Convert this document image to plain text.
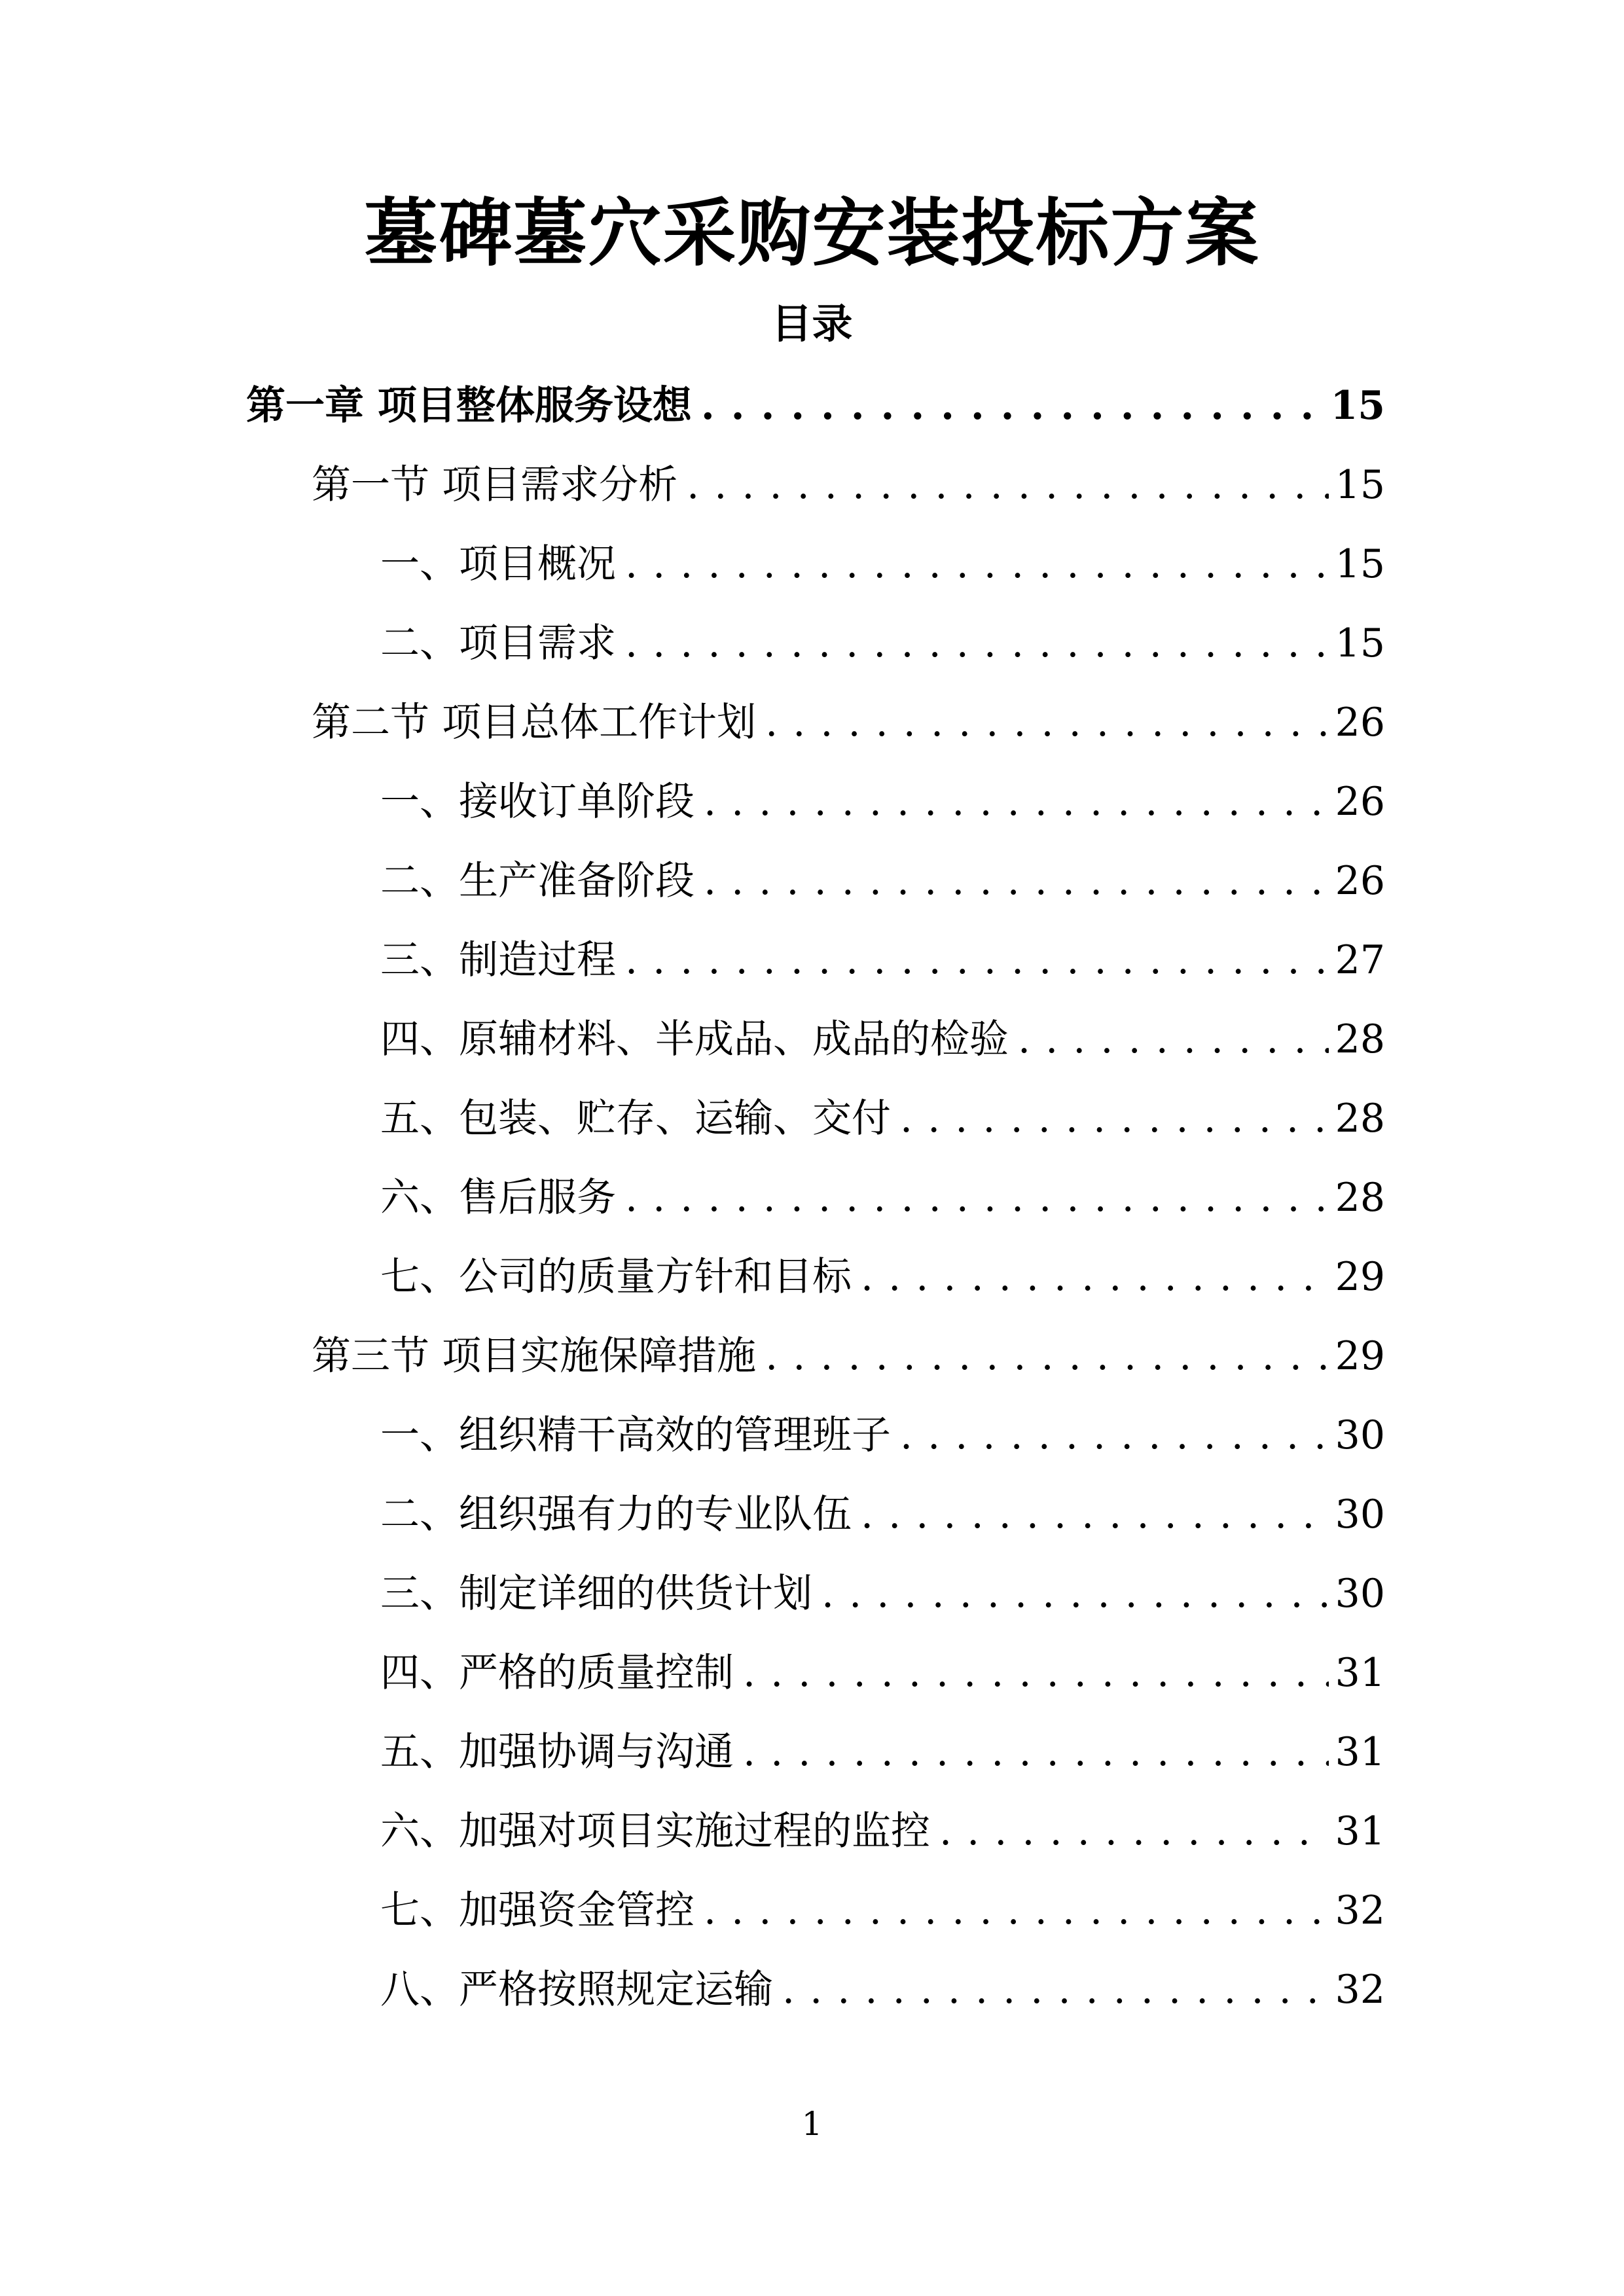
墓碑墓穴采购安装投标方案
目录
第一章 项目整体服务设想 . . .	15
第一节 项目需求分析 . . .	15
一、项目概况 . . .	15
二、项目需求 . . .	15
第二节 项目总体工作计划 . . .	26
一、接收订单阶段 . . .	26
二、生产准备阶段 . . .	26
三、制造过程 . . .	27
四、原辅材料、半成品、成品的检验 . . .	28
五、包装、贮存、运输、交付 . . .	28
六、售后服务 . . .	28
七、公司的质量方针和目标 . . .	29
第三节 项目实施保障措施 . . .	29
一、组织精干高效的管理班子 . . .	30
二、组织强有力的专业队伍 . . .	30
三、制定详细的供货计划 . . .	30
四、严格的质量控制 . . .	31
五、加强协调与沟通 . . .	31
六、加强对项目实施过程的监控 . . .	31
七、加强资金管控 . . .	32
八、严格按照规定运输 . . .	32
1
